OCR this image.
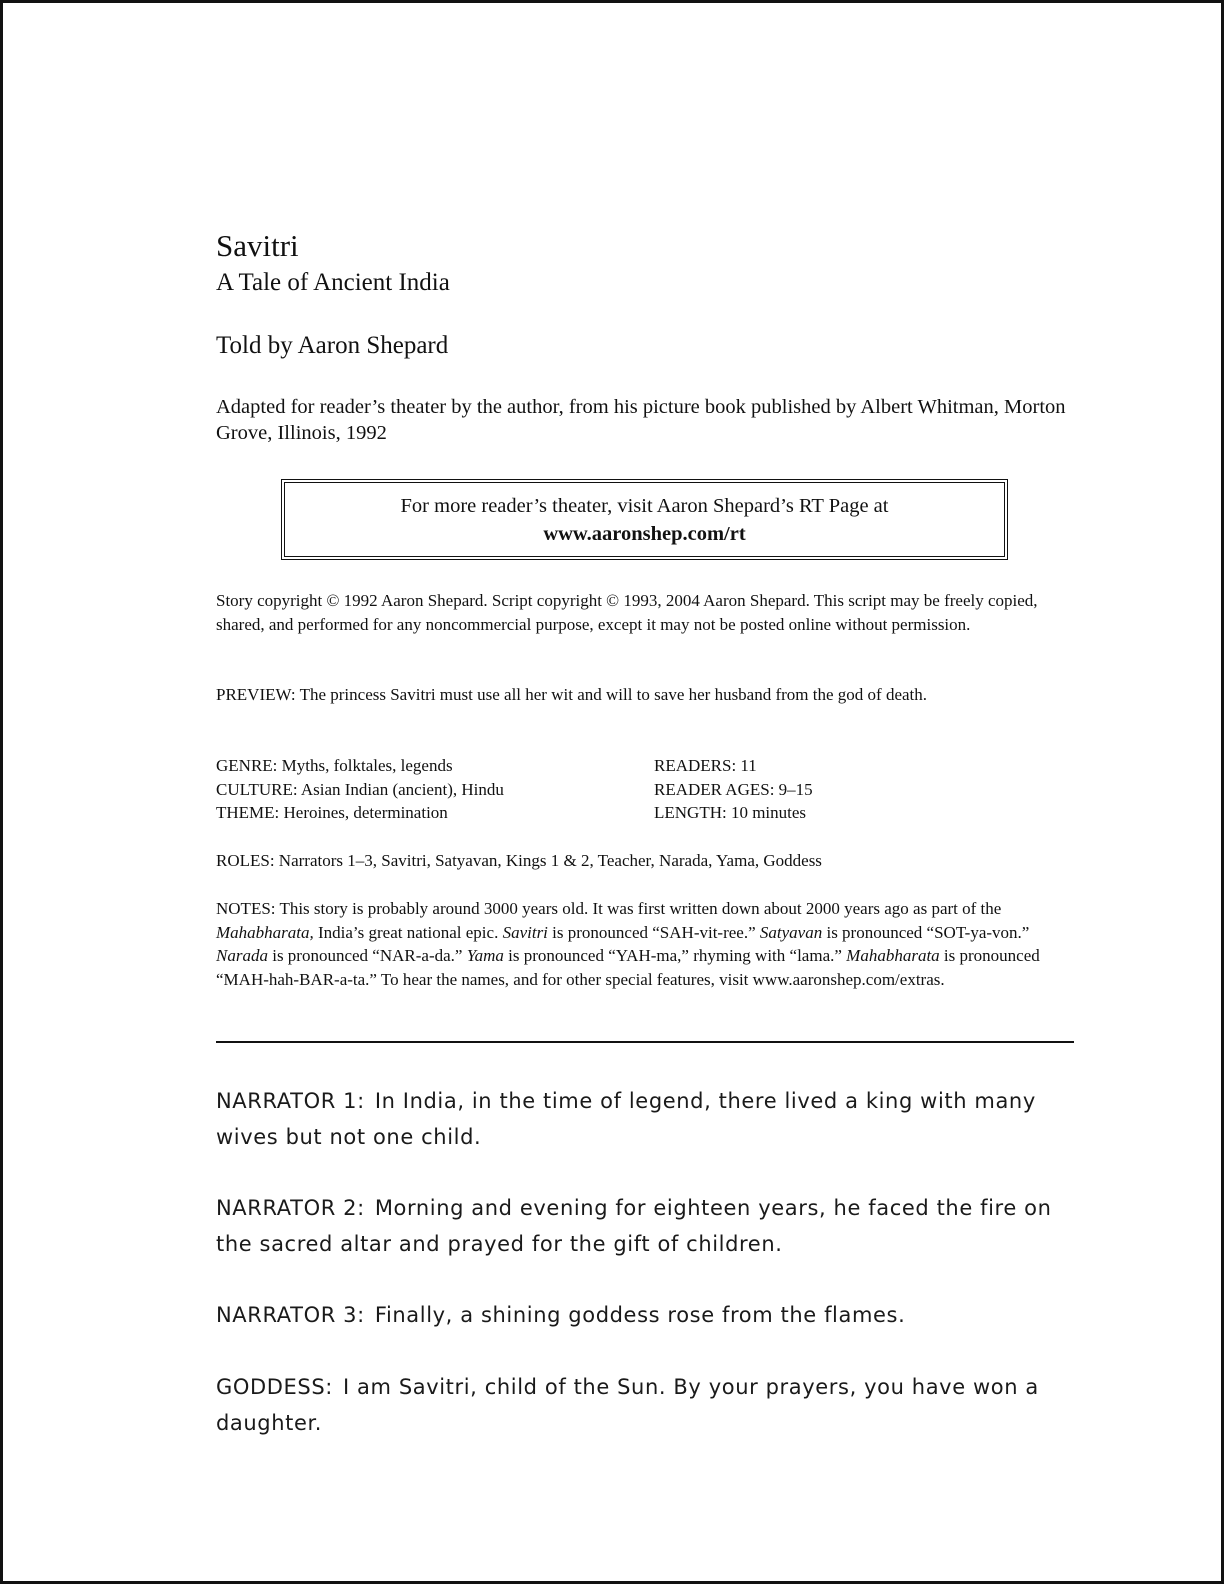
Savitri
A Tale of Ancient India
Told by Aaron Shepard
Adapted for reader’s theater by the author, from his picture book published by Albert Whitman, Morton Grove, Illinois, 1992
For more reader’s theater, visit Aaron Shepard’s RT Page at
www.aaronshep.com/rt
Story copyright © 1992 Aaron Shepard. Script copyright © 1993, 2004 Aaron Shepard. This script may be freely copied, shared, and performed for any noncommercial purpose, except it may not be posted online without permission.
PREVIEW: The princess Savitri must use all her wit and will to save her husband from the god of death.
GENRE: Myths, folktales, legends
CULTURE: Asian Indian (ancient), Hindu
THEME: Heroines, determination
READERS: 11
READER AGES: 9–15
LENGTH: 10 minutes
ROLES: Narrators 1–3, Savitri, Satyavan, Kings 1 & 2, Teacher, Narada, Yama, Goddess
NOTES: This story is probably around 3000 years old. It was first written down about 2000 years ago as part of the Mahabharata, India’s great national epic. Savitri is pronounced “SAH-vit-ree.” Satyavan is pronounced “SOT-ya-von.” Narada is pronounced “NAR-a-da.” Yama is pronounced “YAH-ma,” rhyming with “lama.” Mahabharata is pronounced “MAH-hah-BAR-a-ta.” To hear the names, and for other special features, visit www.aaronshep.com/extras.
NARRATOR 1: In India, in the time of legend, there lived a king with many wives but not one child.
NARRATOR 2: Morning and evening for eighteen years, he faced the fire on the sacred altar and prayed for the gift of children.
NARRATOR 3: Finally, a shining goddess rose from the flames.
GODDESS: I am Savitri, child of the Sun. By your prayers, you have won a daughter.
